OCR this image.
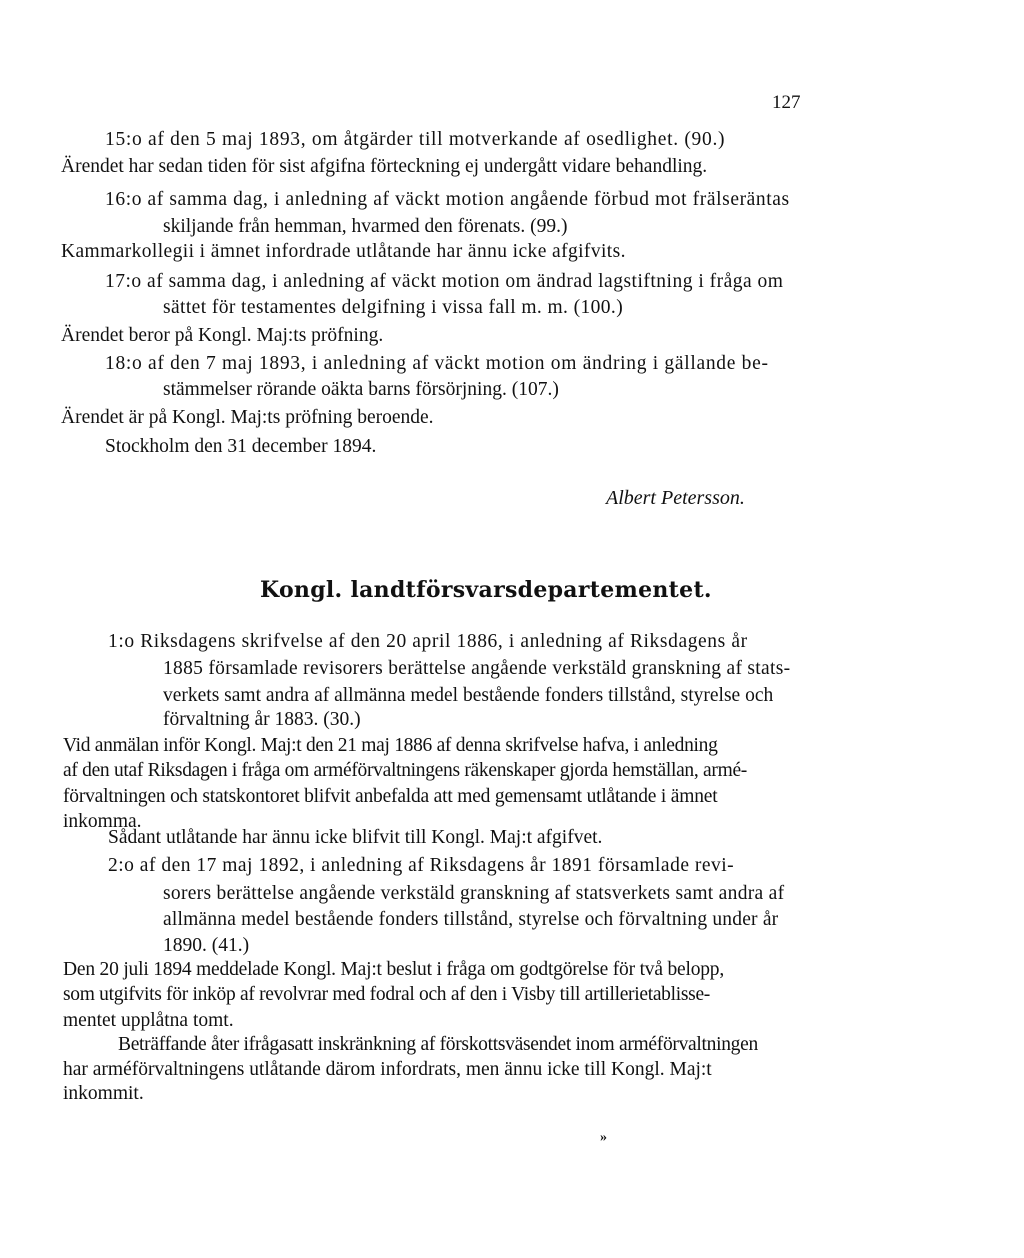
127
15:o af den 5 maj 1893, om åtgärder till motverkande af osedlighet. (90.)
Ärendet har sedan tiden för sist afgifna förteckning ej undergått vidare behandling.
16:o af samma dag, i anledning af väckt motion angående förbud mot frälseräntas
skiljande från hemman, hvarmed den förenats. (99.)
Kammarkollegii i ämnet infordrade utlåtande har ännu icke afgifvits.
17:o af samma dag, i anledning af väckt motion om ändrad lagstiftning i fråga om
sättet för testamentes delgifning i vissa fall m. m. (100.)
Ärendet beror på Kongl. Maj:ts pröfning.
18:o af den 7 maj 1893, i anledning af väckt motion om ändring i gällande be-
stämmelser rörande oäkta barns försörjning. (107.)
Ärendet är på Kongl. Maj:ts pröfning beroende.
Stockholm den 31 december 1894.
Albert Petersson.
Kongl. landtförsvarsdepartementet.
1:o Riksdagens skrifvelse af den 20 april 1886, i anledning af Riksdagens år
1885 församlade revisorers berättelse angående verkstäld granskning af stats-
verkets samt andra af allmänna medel bestående fonders tillstånd, styrelse och
förvaltning år 1883. (30.)
Vid anmälan inför Kongl. Maj:t den 21 maj 1886 af denna skrifvelse hafva, i anledning
af den utaf Riksdagen i fråga om arméförvaltningens räkenskaper gjorda hemställan, armé-
förvaltningen och statskontoret blifvit anbefalda att med gemensamt utlåtande i ämnet
inkomma.
Sådant utlåtande har ännu icke blifvit till Kongl. Maj:t afgifvet.
2:o af den 17 maj 1892, i anledning af Riksdagens år 1891 församlade revi-
sorers berättelse angående verkstäld granskning af statsverkets samt andra af
allmänna medel bestående fonders tillstånd, styrelse och förvaltning under år
1890. (41.)
Den 20 juli 1894 meddelade Kongl. Maj:t beslut i fråga om godtgörelse för två belopp,
som utgifvits för inköp af revolvrar med fodral och af den i Visby till artillerietablisse-
mentet upplåtna tomt.
Beträffande åter ifrågasatt inskränkning af förskottsväsendet inom arméförvaltningen
har arméförvaltningens utlåtande därom infordrats, men ännu icke till Kongl. Maj:t
inkommit.
»
